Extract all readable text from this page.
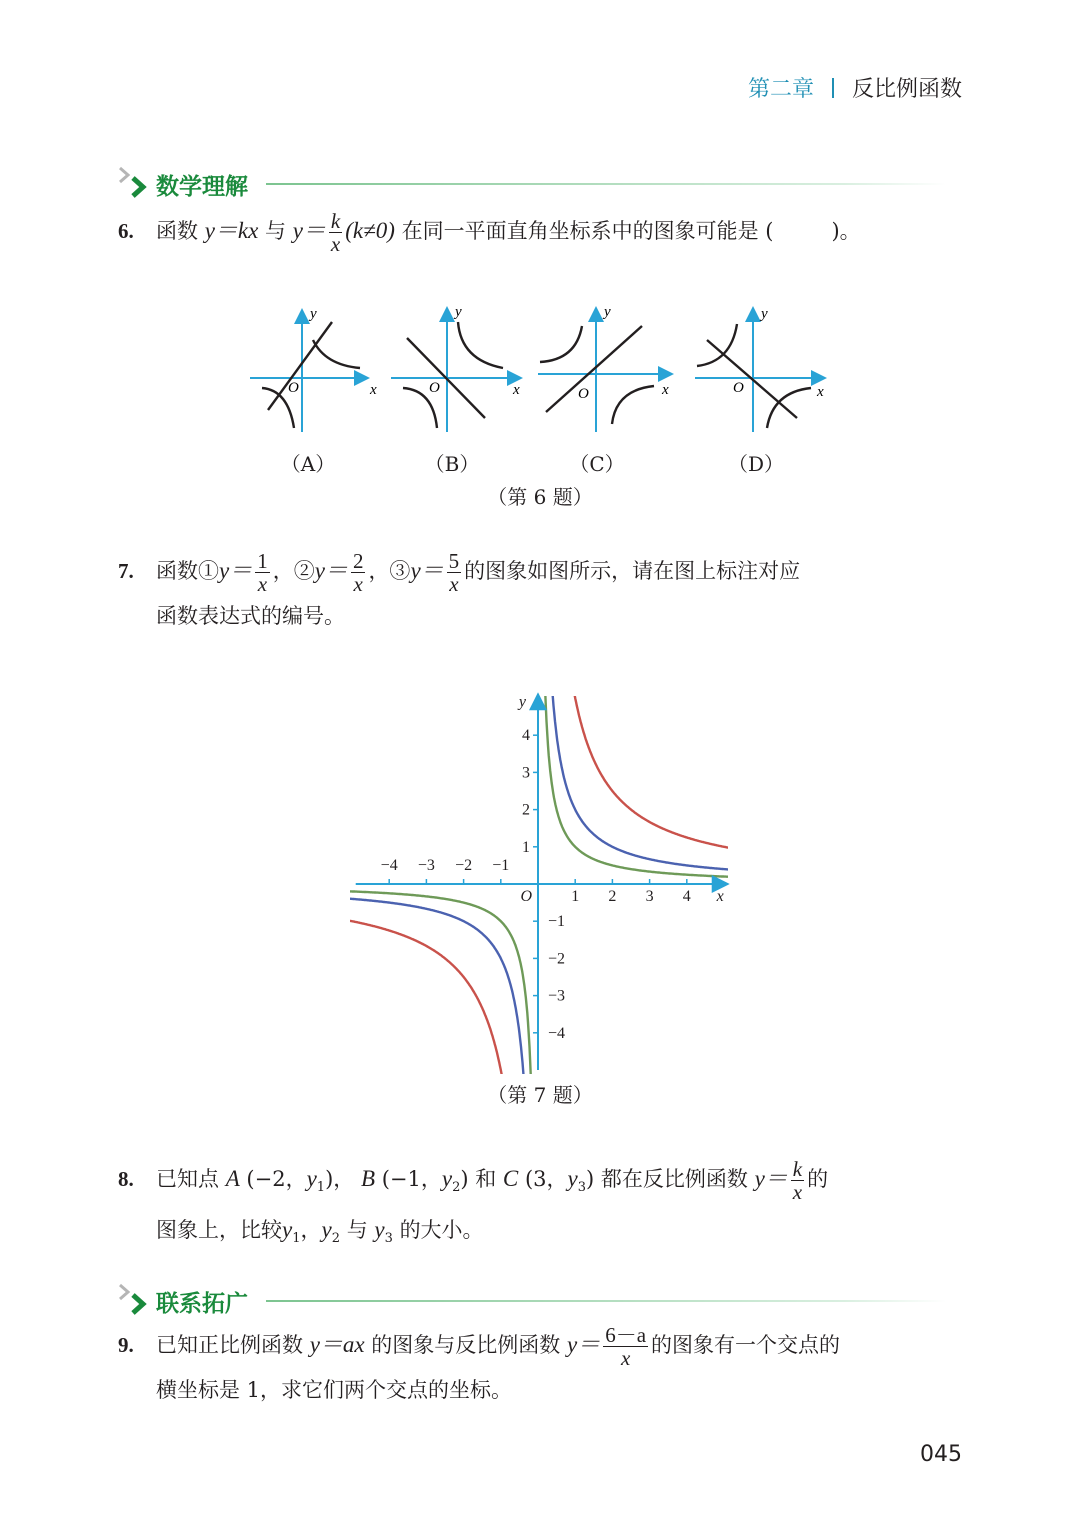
第二章 反比例函数
数学理解
6. 函数 y＝kx 与 $y= \frac{k}{x} (k\ne 0)$ 在同一平面直角坐标系中的图象可能是 (	)。
x
y
O	x
y
O	x
y
O	x
y
O
（A）	（B）	（C）	（D）
（第 6 题）
7. 函数①y＝ $\frac{1}{x}$ ，②y＝ $\frac{2}{x}$ ，③y＝ $\frac{5}{x}$ 的图象如图所示，请在图上标注对应
函数表达式的编号。
−4 −3 −2 −1
1 2 3 4
−4
−3
−2
−1
1
2
3
4
x
y
O
（第 7 题）
8. 已知点 A (−2，$y_1$)， B (−1，$y_2$) 和 C (3，$y_3$) 都在反比例函数 $y= \frac{k}{x}$ 的
图象上，比较$y_1$，$y_2$ 与 $y_3$ 的大小。
联系拓广
9. 已知正比例函数 y＝ax 的图象与反比例函数 $y= \frac{6-a}{x}$ 的图象有一个交点的
横坐标是 1，求它们两个交点的坐标。
045
